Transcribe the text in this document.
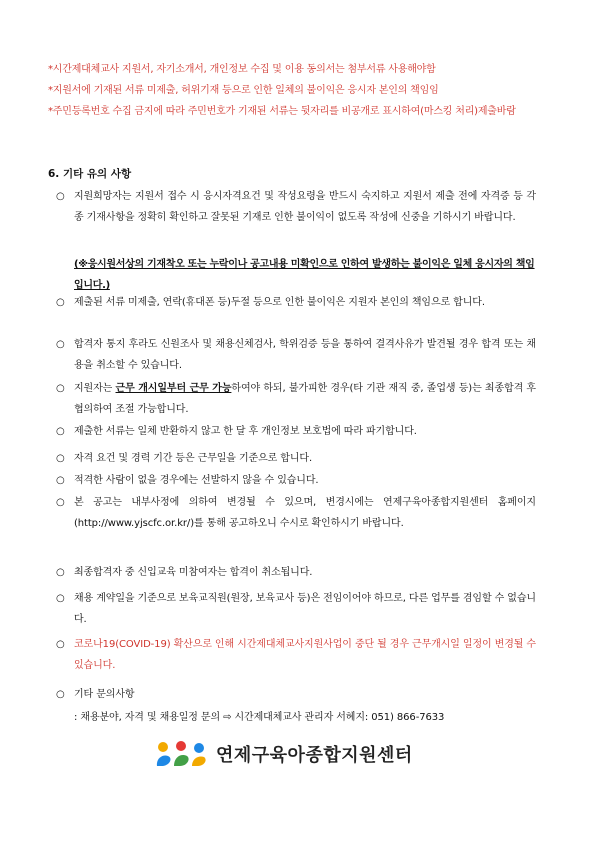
*시간제대체교사 지원서, 자기소개서, 개인정보 수집 및 이용 동의서는 첨부서류 사용해야함
*지원서에 기재된 서류 미제출, 허위기재 등으로 인한 일체의 불이익은 응시자 본인의 책임임
*주민등록번호 수집 금지에 따라 주민번호가 기재된 서류는 뒷자리를 비공개로 표시하여(마스킹 처리)제출바람
6. 기타 유의 사항
○ 지원희망자는 지원서 접수 시 응시자격요건 및 작성요령을 반드시 숙지하고 지원서 제출 전에 자격증 등 각종 기재사항을 정확히 확인하고 잘못된 기재로 인한 불이익이 없도록 작성에 신중을 기하시기 바랍니다.
(※응시원서상의 기재착오 또는 누락이나 공고내용 미확인으로 인하여 발생하는 불이익은 일체 응시자의 책임입니다.)
○ 제출된 서류 미제출, 연락(휴대폰 등)두절 등으로 인한 불이익은 지원자 본인의 책임으로 합니다.
○ 합격자 통지 후라도 신원조사 및 채용신체검사, 학위검증 등을 통하여 결격사유가 발견될 경우 합격 또는 채용을 취소할 수 있습니다.
○ 지원자는 근무 개시일부터 근무 가능하여야 하되, 불가피한 경우(타 기관 재직 중, 졸업생 등)는 최종합격 후 협의하여 조절 가능합니다.
○ 제출한 서류는 일체 반환하지 않고 한 달 후 개인정보 보호법에 따라 파기합니다.
○ 자격 요건 및 경력 기간 등은 근무일을 기준으로 합니다.
○ 적격한 사람이 없을 경우에는 선발하지 않을 수 있습니다.
○ 본 공고는 내부사정에 의하여 변경될 수 있으며, 변경시에는 연제구육아종합지원센터 홈페이지(http://www.yjscfc.or.kr/)를 통해 공고하오니 수시로 확인하시기 바랍니다.
○ 최종합격자 중 신입교육 미참여자는 합격이 취소됩니다.
○ 채용 계약일을 기준으로 보육교직원(원장, 보육교사 등)은 전임이어야 하므로, 다른 업무를 겸임할 수 없습니다.
○ 코로나19(COVID-19) 확산으로 인해 시간제대체교사지원사업이 중단 될 경우 근무개시일 일정이 변경될 수 있습니다.
○ 기타 문의사항
: 채용분야, 자격 및 채용일정 문의 ⇨ 시간제대체교사 관리자 서혜지: 051) 866-7633
연제구육아종합지원센터
